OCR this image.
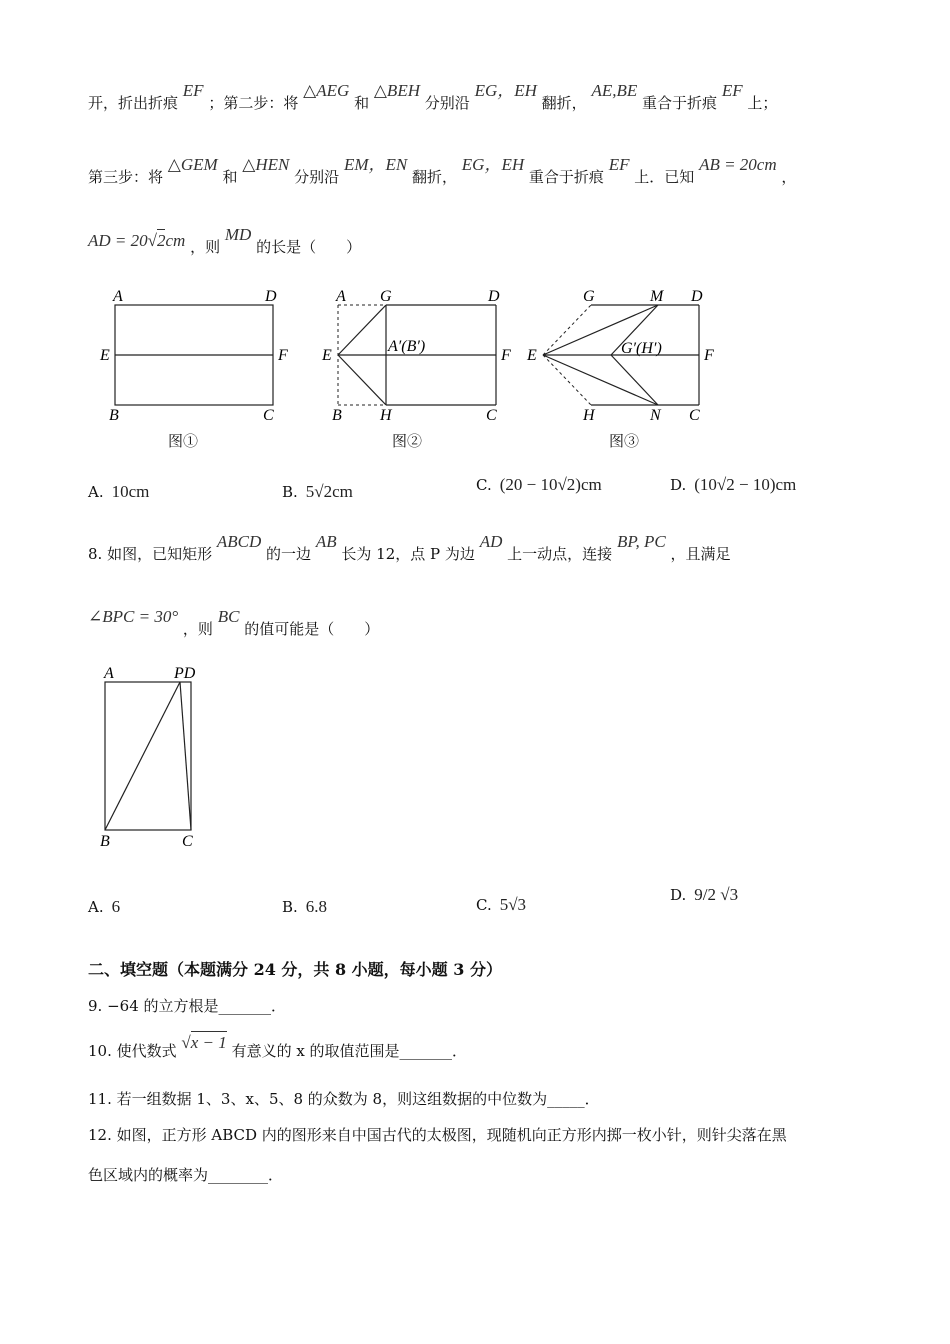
开，折出折痕 EF ；第二步：将 △AEG 和 △BEH 分别沿 EG，EH 翻折， AE,BE 重合于折痕 EF 上；
第三步：将 △GEM 和 △HEN 分别沿 EM，EN 翻折， EG，EH 重合于折痕 EF 上．已知 AB = 20cm ，
AD = 20√2cm ，则 MD 的长是（　　）
A	D
E	F
B	C
图①
A G	D
E
A′(B′)
F
B H	C
图②
G	M D
E	G′(H′)	F
H	N C
图③
A. 10cm	B. 5√2cm	C. (20 − 10√2)cm	D. (10√2 − 10)cm
8. 如图，已知矩形 ABCD 的一边 AB 长为 12，点 P 为边 AD 上一动点，连接 BP, PC ，且满足
∠BPC = 30° ，则 BC 的值可能是（　　）
A	PD
B	C
A. 6	B. 6.8	C. 5√3	D. 9/2 √3
二、填空题（本题满分 24 分，共 8 小题，每小题 3 分）
9. −64 的立方根是_______．
10. 使代数式 √x − 1 有意义的 x 的取值范围是_______．
11. 若一组数据 1、3、x、5、8 的众数为 8，则这组数据的中位数为_____．
12. 如图，正方形 ABCD 内的图形来自中国古代的太极图，现随机向正方形内掷一枚小针，则针尖落在黑
色区域内的概率为________．
